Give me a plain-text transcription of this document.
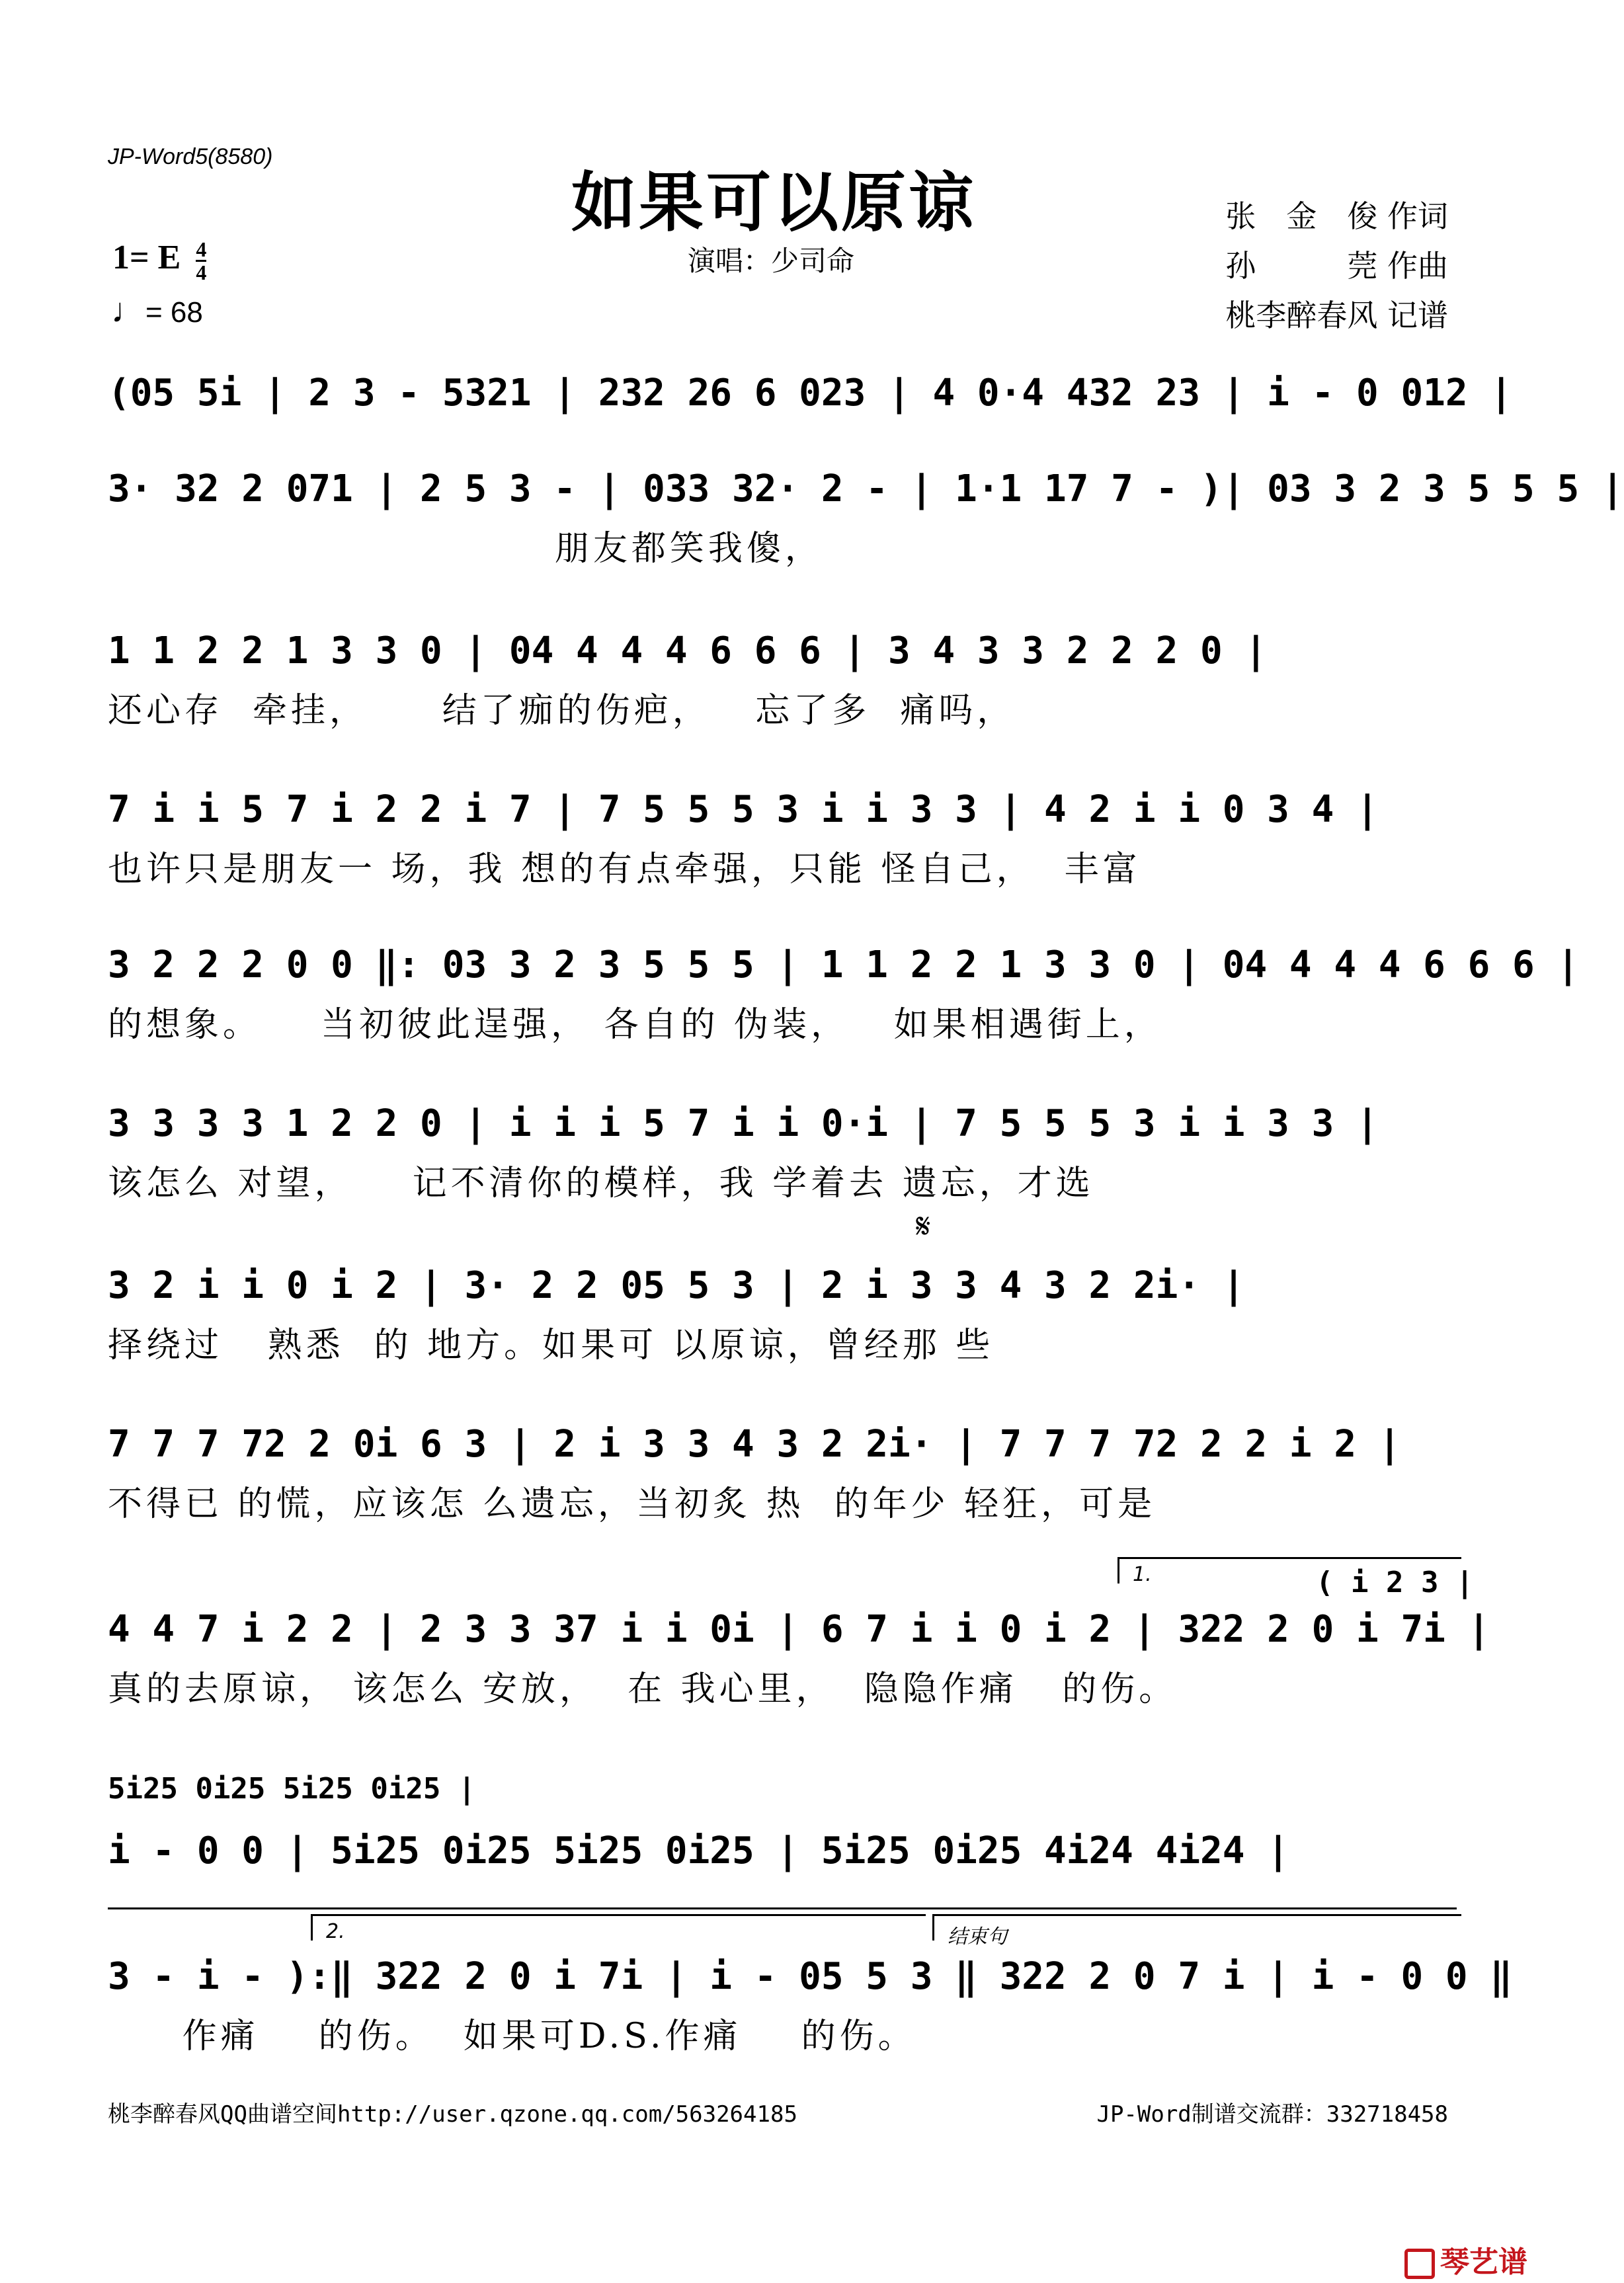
JP-Word5(8580)
如果可以原谅
演唱：少司命
张　金　俊 作词
孙　　　莞 作曲
桃李醉春风 记谱
1= E $\frac{4}{4}$
♩= 68
(05 5i | 2 3 - 5321 | 232 26 6 023 | 4 0·4 432 23 | i - 0 012 |
3· 32 2 071 | 2 5 3 - | 033 32· 2 - | 1·1 17 7 - )| 03 3 2 3 5 5 5 |
朋友都笑我傻，
1 1 2 2 1 3 3 0 | 04 4 4 4 6 6 6 | 3 4 3 3 2 2 2 0 |
还心存  牵挂，     结了痂的伤疤，   忘了多  痛吗，
7 i i 5 7 i 2 2 i 7 | 7 5 5 5 3 i i 3 3 | 4 2 i i 0 3 4 |
也许只是朋友一 场，我 想的有点牵强，只能 怪自己，  丰富
3 2 2 2 0 0 ‖: 03 3 2 3 5 5 5 | 1 1 2 2 1 3 3 0 | 04 4 4 4 6 6 6 |
的想象。    当初彼此逞强， 各自的 伪装，   如果相遇街上，
3 3 3 3 1 2 2 0 | i i i 5 7 i i 0·i | 7 5 5 5 3 i i 3 3 |
该怎么 对望，    记不清你的模样，我 学着去 遗忘，才选
𝄋
3 2 i i 0 i 2 | 3· 2 2 05 5 3 | 2 i 3 3 4 3 2 2i· |
择绕过   熟悉  的 地方。如果可 以原谅，曾经那 些
7 7 7 72 2 0i 6 3 | 2 i 3 3 4 3 2 2i· | 7 7 7 72 2 2 i 2 |
不得已 的慌，应该怎 么遗忘，当初炙 热  的年少 轻狂，可是
1.	( i 2 3 |
4 4 7 i 2 2 | 2 3 3 37 i i 0i | 6 7 i i 0 i 2 | 322 2 0 i 7i |
真的去原谅， 该怎么 安放，  在 我心里，  隐隐作痛   的伤。
5i25 0i25 5i25 0i25 |
i - 0 0 | 5i25 0i25 5i25 0i25 | 5i25 0i25 4i24 4i24 |
2.	结束句
3 - i - ):‖ 322 2 0 i 7i | i - 05 5 3 ‖ 322 2 0 7 i | i - 0 0 ‖
作痛    的伤。  如果可D.S.作痛    的伤。
桃李醉春风QQ曲谱空间http://user.qzone.qq.com/563264185	JP-Word制谱交流群：332718458
琴艺谱
